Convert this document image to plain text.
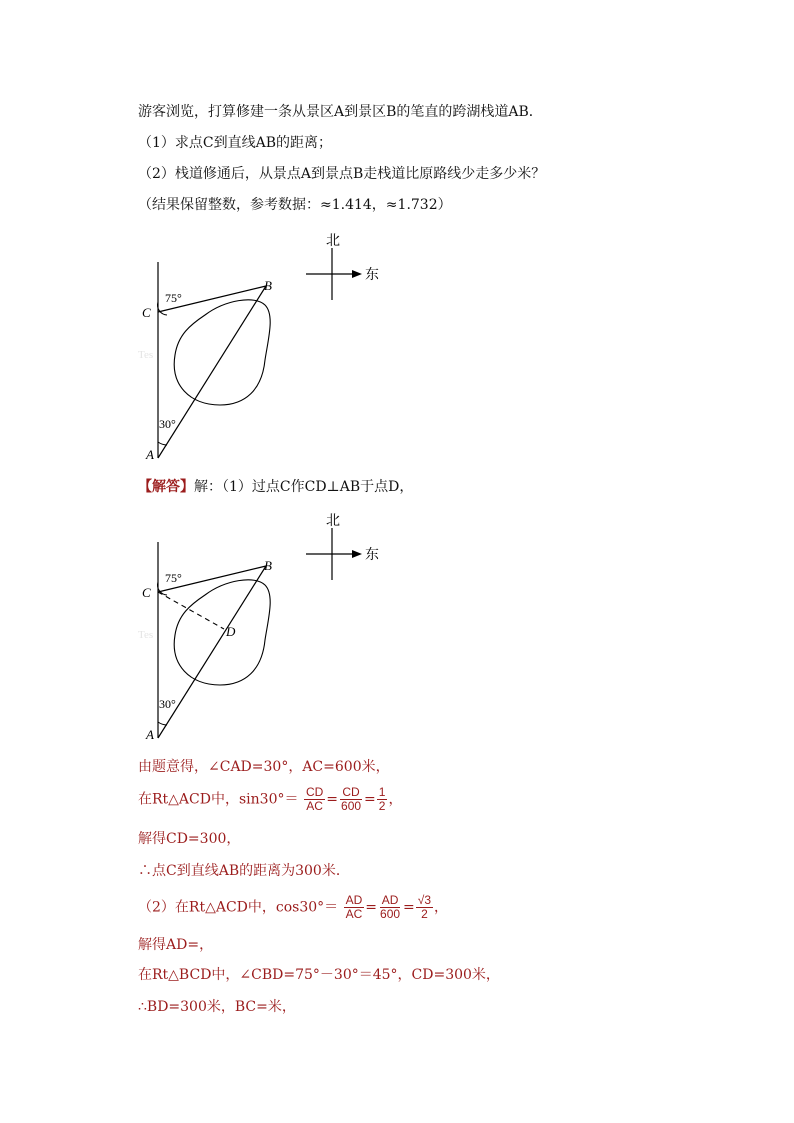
游客浏览，打算修建一条从景区A到景区B的笔直的跨湖栈道AB．
（1）求点C到直线AB的距离；
（2）栈道修通后，从景点A到景点B走栈道比原路线少走多少米？
（结果保留整数，参考数据：≈1.414，≈1.732）
北
东
C
B
A
75°
30°
Tes
【解答】解：（1）过点C作CD⊥AB于点D，
北
东
C
B
A
D
75°
30°
Tes
由题意得，∠CAD=30°，AC=600米，
在Rt△ACD中，$\sin 30^\circ= \frac{CD}{AC} = \frac{CD}{600} = \frac{1}{2}$ ，
解得CD=300，
∴点C到直线AB的距离为300米．
（2）在Rt△ACD中，$\cos 30^\circ= \frac{AD}{AC} = \frac{AD}{600} = \frac{√3}{2}$ ，
解得AD=，
在Rt△BCD中，∠CBD=75°－30°＝45°，CD=300米，
∴BD=300米，BC=米，
